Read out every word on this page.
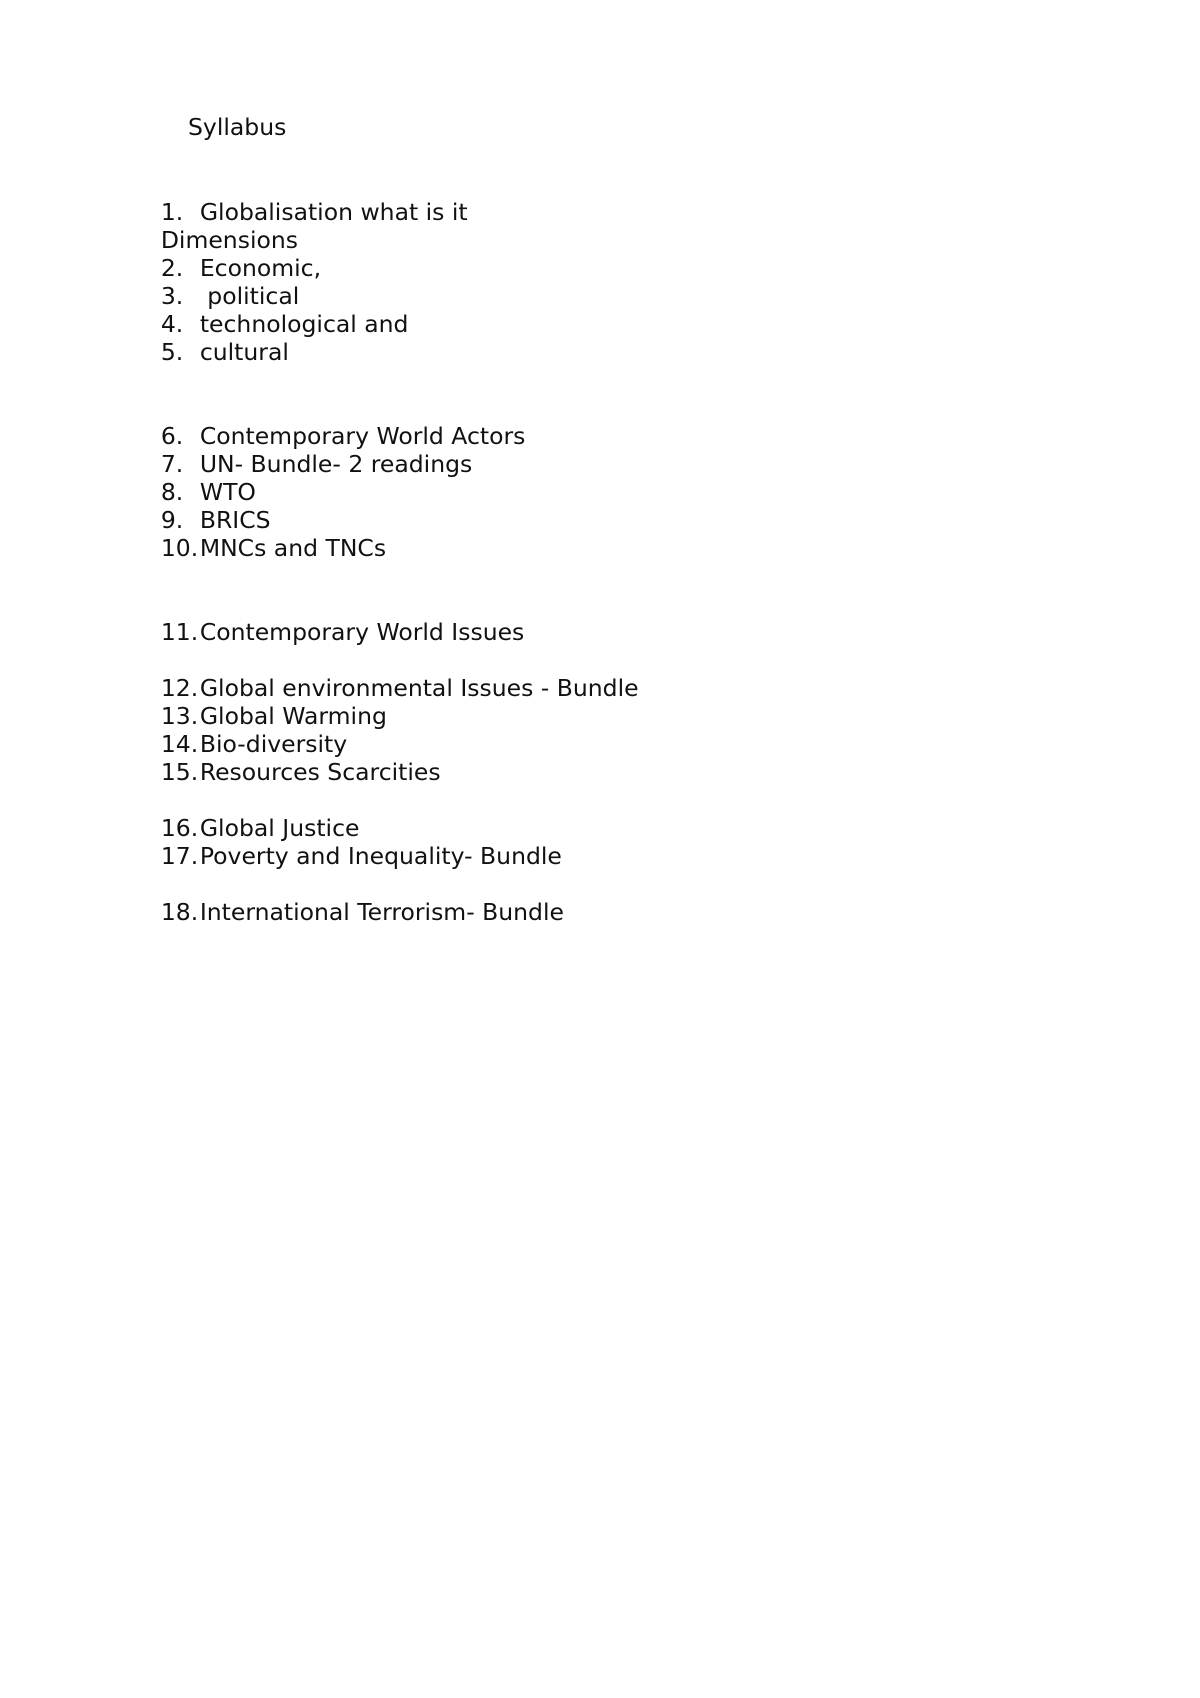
Syllabus

1. Globalisation what is it

Dimensions

2. Economic,

3. political

4. technological and

5. cultural

6. Contemporary World Actors

7. UN- Bundle- 2 readings

8. WTO

9. BRICS

10.MNCs and TNCs

11.Contemporary World Issues

12.Global environmental Issues - Bundle

13.Global Warming

14.Bio-diversity

15.Resources Scarcities

16.Global Justice

17.Poverty and Inequality- Bundle

18.International Terrorism- Bundle
